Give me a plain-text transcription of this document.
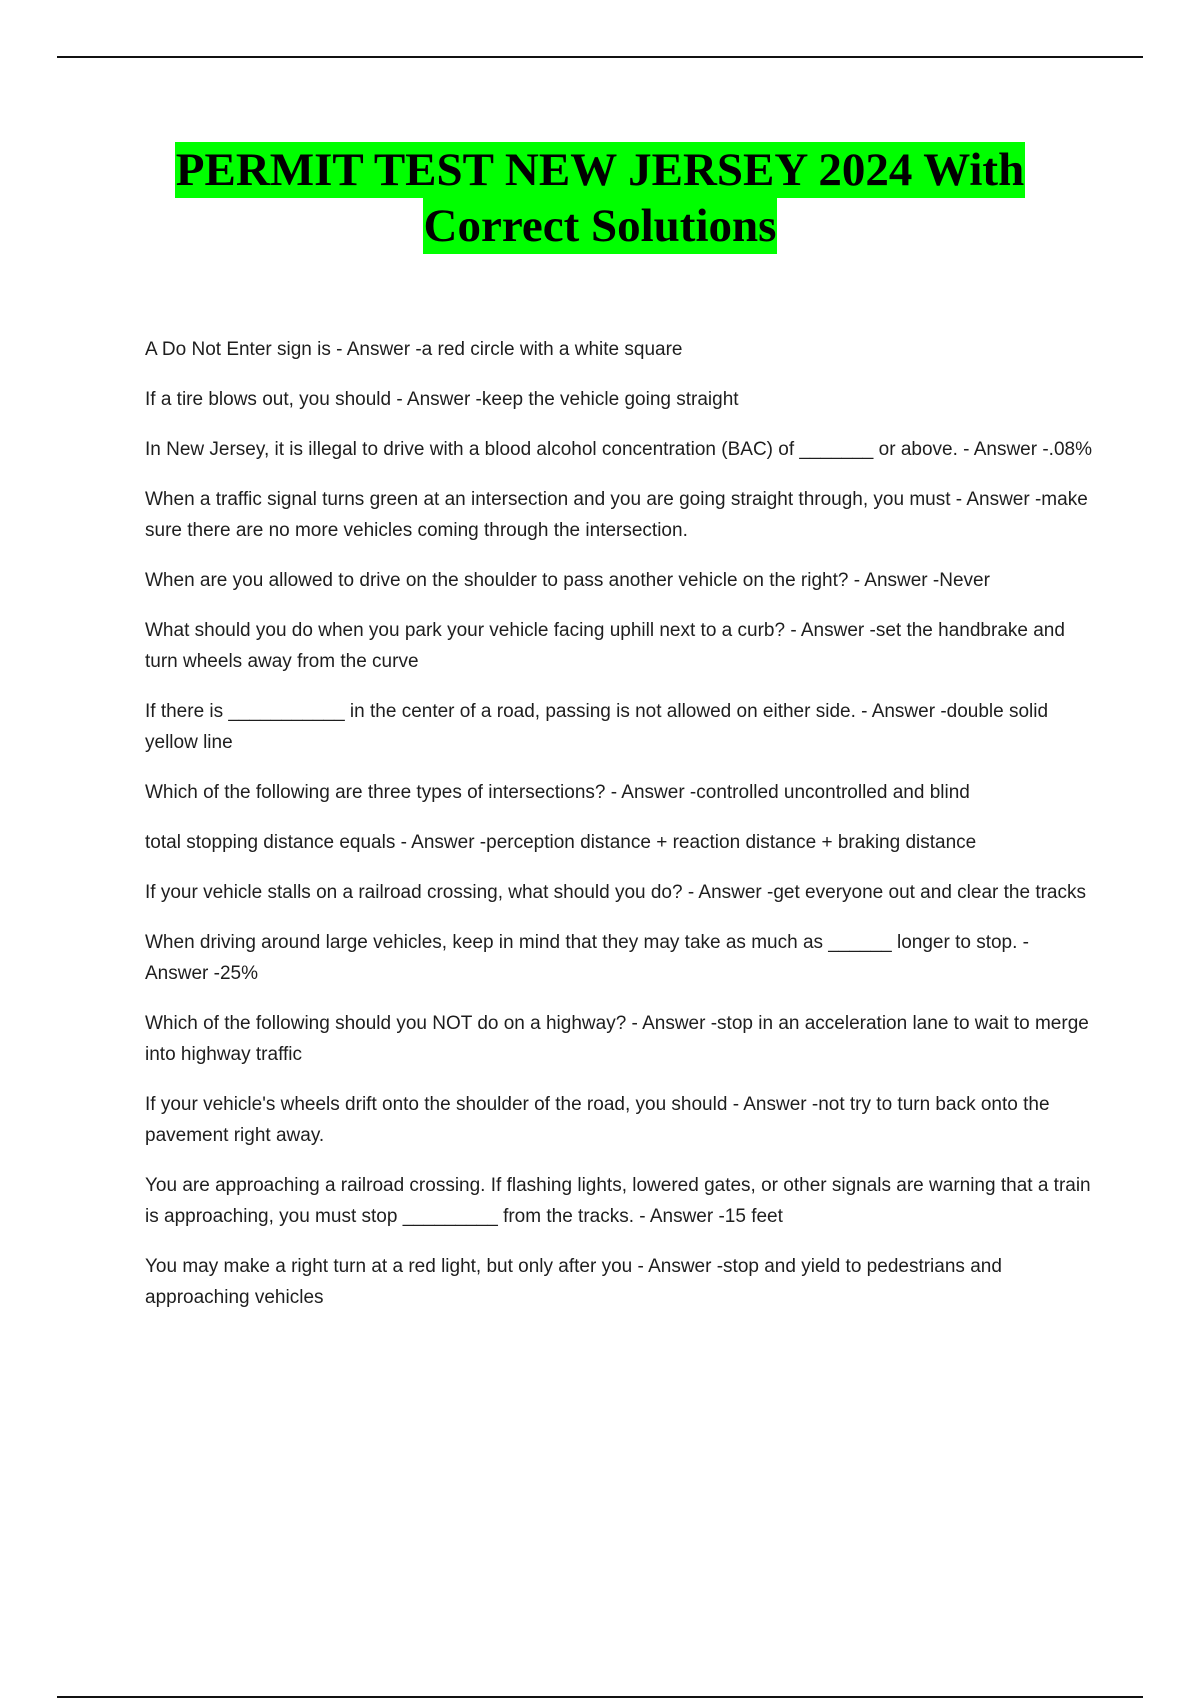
PERMIT TEST NEW JERSEY 2024 With
Correct Solutions

A Do Not Enter sign is - Answer -a red circle with a white square

If a tire blows out, you should - Answer -keep the vehicle going straight

In New Jersey, it is illegal to drive with a blood alcohol concentration (BAC) of _______ or above. - Answer -.08%

When a traffic signal turns green at an intersection and you are going straight through, you must - Answer -make sure there are no more vehicles coming through the intersection.

When are you allowed to drive on the shoulder to pass another vehicle on the right? - Answer -Never

What should you do when you park your vehicle facing uphill next to a curb? - Answer -set the handbrake and turn wheels away from the curve

If there is ___________ in the center of a road, passing is not allowed on either side. - Answer -double solid yellow line

Which of the following are three types of intersections? - Answer -controlled uncontrolled and blind

total stopping distance equals - Answer -perception distance + reaction distance + braking distance

If your vehicle stalls on a railroad crossing, what should you do? - Answer -get everyone out and clear the tracks

When driving around large vehicles, keep in mind that they may take as much as ______ longer to stop. - Answer -25%

Which of the following should you NOT do on a highway? - Answer -stop in an acceleration lane to wait to merge into highway traffic

If your vehicle's wheels drift onto the shoulder of the road, you should - Answer -not try to turn back onto the pavement right away.

You are approaching a railroad crossing. If flashing lights, lowered gates, or other signals are warning that a train is approaching, you must stop _________ from the tracks. - Answer -15 feet

You may make a right turn at a red light, but only after you - Answer -stop and yield to pedestrians and approaching vehicles
